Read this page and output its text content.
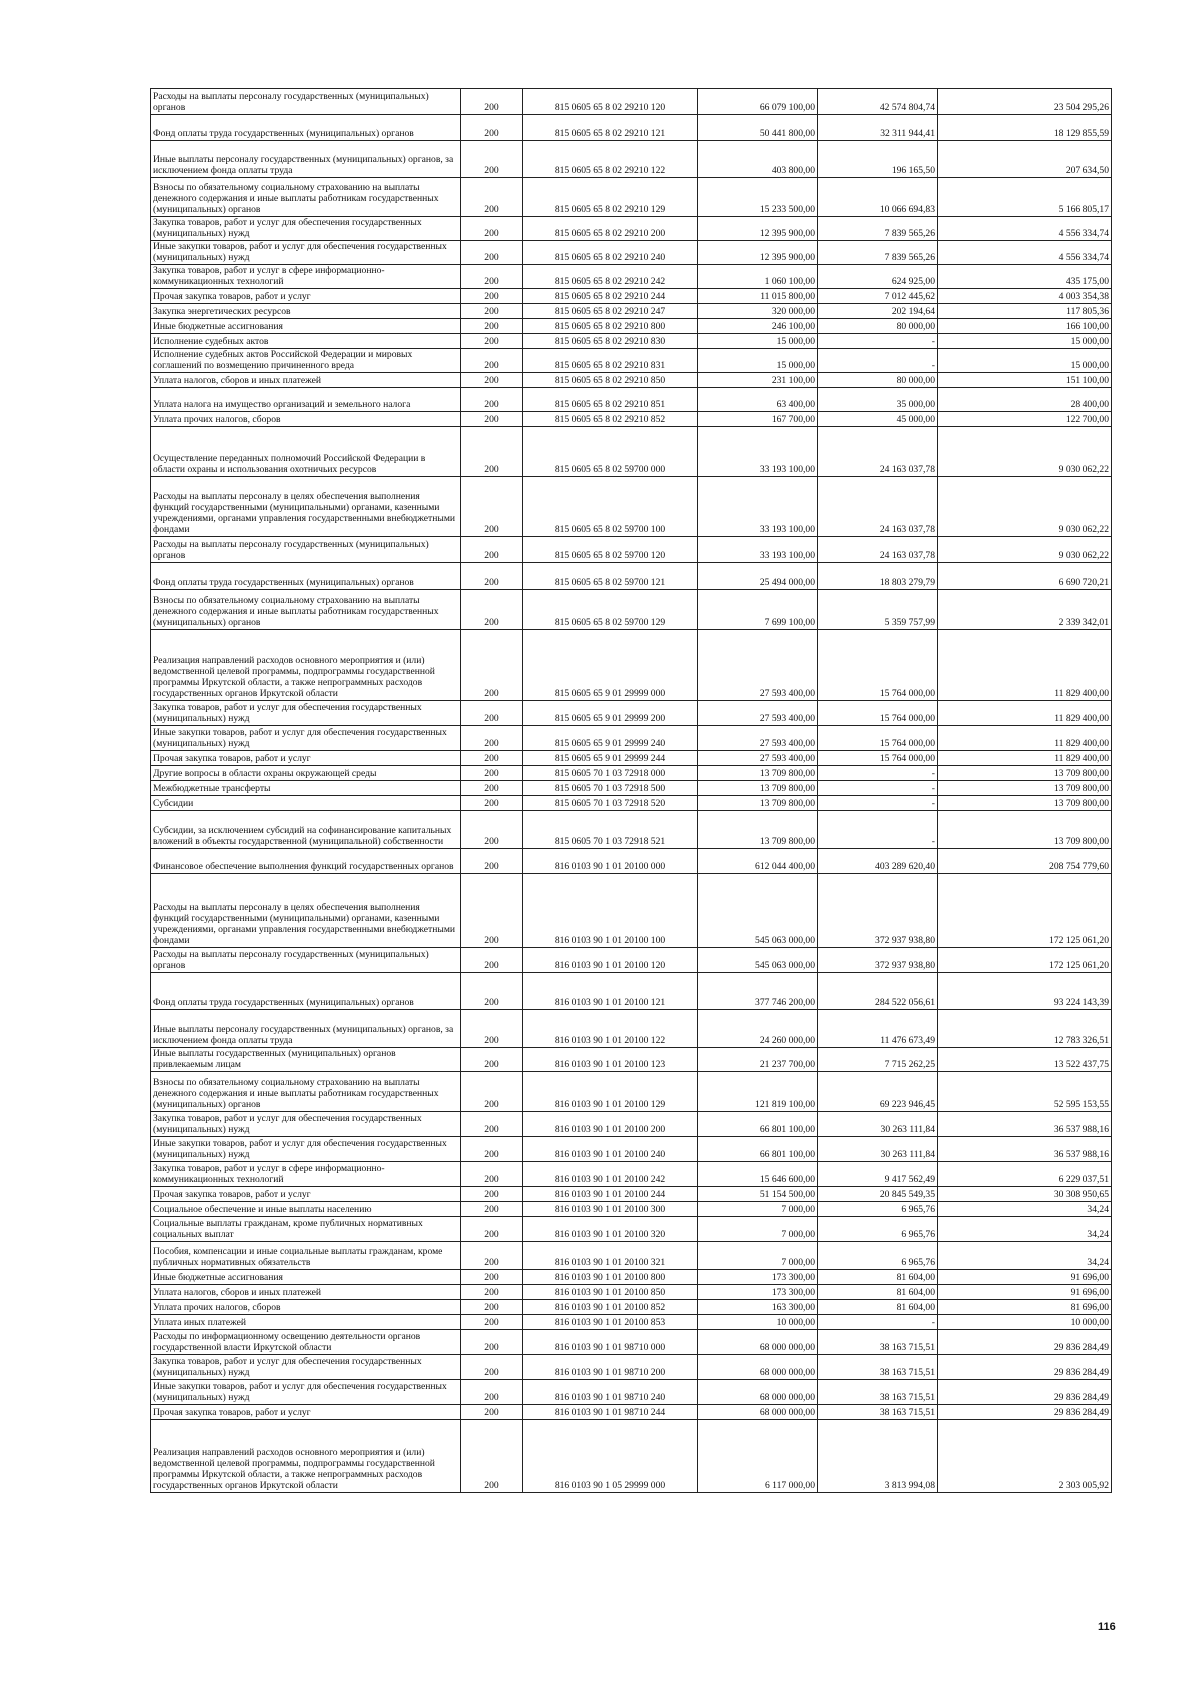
Расходы на выплаты персоналу государственных (муниципальных) органов	200	815 0605 65 8 02 29210 120	66 079 100,00	42 574 804,74	23 504 295,26

Фонд оплаты труда государственных (муниципальных) органов	200	815 0605 65 8 02 29210 121	50 441 800,00	32 311 944,41	18 129 855,59

Иные выплаты персоналу государственных (муниципальных) органов, за исключением фонда оплаты труда	200	815 0605 65 8 02 29210 122	403 800,00	196 165,50	207 634,50

Взносы по обязательному социальному страхованию на выплаты денежного содержания и иные выплаты работникам государственных (муниципальных) органов	200	815 0605 65 8 02 29210 129	15 233 500,00	10 066 694,83	5 166 805,17

Закупка товаров, работ и услуг для обеспечения государственных (муниципальных) нужд	200	815 0605 65 8 02 29210 200	12 395 900,00	7 839 565,26	4 556 334,74

Иные закупки товаров, работ и услуг для обеспечения государственных (муниципальных) нужд	200	815 0605 65 8 02 29210 240	12 395 900,00	7 839 565,26	4 556 334,74

Закупка товаров, работ и услуг в сфере информационно-коммуникационных технологий	200	815 0605 65 8 02 29210 242	1 060 100,00	624 925,00	435 175,00

Прочая закупка товаров, работ и услуг	200	815 0605 65 8 02 29210 244	11 015 800,00	7 012 445,62	4 003 354,38

Закупка энергетических ресурсов	200	815 0605 65 8 02 29210 247	320 000,00	202 194,64	117 805,36

Иные бюджетные ассигнования	200	815 0605 65 8 02 29210 800	246 100,00	80 000,00	166 100,00

Исполнение судебных актов	200	815 0605 65 8 02 29210 830	15 000,00	-	15 000,00

Исполнение судебных актов Российской Федерации и мировых соглашений по возмещению причиненного вреда	200	815 0605 65 8 02 29210 831	15 000,00	-	15 000,00

Уплата налогов, сборов и иных платежей	200	815 0605 65 8 02 29210 850	231 100,00	80 000,00	151 100,00

Уплата налога на имущество организаций и земельного налога	200	815 0605 65 8 02 29210 851	63 400,00	35 000,00	28 400,00

Уплата прочих налогов, сборов	200	815 0605 65 8 02 29210 852	167 700,00	45 000,00	122 700,00

Осуществление переданных полномочий Российской Федерации в области охраны и использования охотничьих ресурсов	200	815 0605 65 8 02 59700 000	33 193 100,00	24 163 037,78	9 030 062,22

Расходы на выплаты персоналу в целях обеспечения выполнения функций государственными (муниципальными) органами, казенными учреждениями, органами управления государственными внебюджетными фондами	200	815 0605 65 8 02 59700 100	33 193 100,00	24 163 037,78	9 030 062,22

Расходы на выплаты персоналу государственных (муниципальных) органов	200	815 0605 65 8 02 59700 120	33 193 100,00	24 163 037,78	9 030 062,22

Фонд оплаты труда государственных (муниципальных) органов	200	815 0605 65 8 02 59700 121	25 494 000,00	18 803 279,79	6 690 720,21

Взносы по обязательному социальному страхованию на выплаты денежного содержания и иные выплаты работникам государственных (муниципальных) органов	200	815 0605 65 8 02 59700 129	7 699 100,00	5 359 757,99	2 339 342,01

Реализация направлений расходов основного мероприятия и (или) ведомственной целевой программы, подпрограммы государственной программы Иркутской области, а также непрограммных расходов государственных органов Иркутской области	200	815 0605 65 9 01 29999 000	27 593 400,00	15 764 000,00	11 829 400,00

Закупка товаров, работ и услуг для обеспечения государственных (муниципальных) нужд	200	815 0605 65 9 01 29999 200	27 593 400,00	15 764 000,00	11 829 400,00

Иные закупки товаров, работ и услуг для обеспечения государственных (муниципальных) нужд	200	815 0605 65 9 01 29999 240	27 593 400,00	15 764 000,00	11 829 400,00

Прочая закупка товаров, работ и услуг	200	815 0605 65 9 01 29999 244	27 593 400,00	15 764 000,00	11 829 400,00

Другие вопросы в области охраны окружающей среды	200	815 0605 70 1 03 72918 000	13 709 800,00	-	13 709 800,00

Межбюджетные трансферты	200	815 0605 70 1 03 72918 500	13 709 800,00	-	13 709 800,00

Субсидии	200	815 0605 70 1 03 72918 520	13 709 800,00	-	13 709 800,00

Субсидии, за исключением субсидий на софинансирование капитальных вложений в объекты государственной (муниципальной) собственности	200	815 0605 70 1 03 72918 521	13 709 800,00	-	13 709 800,00

Финансовое обеспечение выполнения функций государственных органов	200	816 0103 90 1 01 20100 000	612 044 400,00	403 289 620,40	208 754 779,60

Расходы на выплаты персоналу в целях обеспечения выполнения функций государственными (муниципальными) органами, казенными учреждениями, органами управления государственными внебюджетными фондами	200	816 0103 90 1 01 20100 100	545 063 000,00	372 937 938,80	172 125 061,20

Расходы на выплаты персоналу государственных (муниципальных) органов	200	816 0103 90 1 01 20100 120	545 063 000,00	372 937 938,80	172 125 061,20

Фонд оплаты труда государственных (муниципальных) органов	200	816 0103 90 1 01 20100 121	377 746 200,00	284 522 056,61	93 224 143,39

Иные выплаты персоналу государственных (муниципальных) органов, за исключением фонда оплаты труда	200	816 0103 90 1 01 20100 122	24 260 000,00	11 476 673,49	12 783 326,51

Иные выплаты государственных (муниципальных) органов привлекаемым лицам	200	816 0103 90 1 01 20100 123	21 237 700,00	7 715 262,25	13 522 437,75

Взносы по обязательному социальному страхованию на выплаты денежного содержания и иные выплаты работникам государственных (муниципальных) органов	200	816 0103 90 1 01 20100 129	121 819 100,00	69 223 946,45	52 595 153,55

Закупка товаров, работ и услуг для обеспечения государственных (муниципальных) нужд	200	816 0103 90 1 01 20100 200	66 801 100,00	30 263 111,84	36 537 988,16

Иные закупки товаров, работ и услуг для обеспечения государственных (муниципальных) нужд	200	816 0103 90 1 01 20100 240	66 801 100,00	30 263 111,84	36 537 988,16

Закупка товаров, работ и услуг в сфере информационно-коммуникационных технологий	200	816 0103 90 1 01 20100 242	15 646 600,00	9 417 562,49	6 229 037,51

Прочая закупка товаров, работ и услуг	200	816 0103 90 1 01 20100 244	51 154 500,00	20 845 549,35	30 308 950,65

Социальное обеспечение и иные выплаты населению	200	816 0103 90 1 01 20100 300	7 000,00	6 965,76	34,24

Социальные выплаты гражданам, кроме публичных нормативных социальных выплат	200	816 0103 90 1 01 20100 320	7 000,00	6 965,76	34,24

Пособия, компенсации и иные социальные выплаты гражданам, кроме публичных нормативных обязательств	200	816 0103 90 1 01 20100 321	7 000,00	6 965,76	34,24

Иные бюджетные ассигнования	200	816 0103 90 1 01 20100 800	173 300,00	81 604,00	91 696,00

Уплата налогов, сборов и иных платежей	200	816 0103 90 1 01 20100 850	173 300,00	81 604,00	91 696,00

Уплата прочих налогов, сборов	200	816 0103 90 1 01 20100 852	163 300,00	81 604,00	81 696,00

Уплата иных платежей	200	816 0103 90 1 01 20100 853	10 000,00	-	10 000,00

Расходы по информационному освещению деятельности органов государственной власти Иркутской области	200	816 0103 90 1 01 98710 000	68 000 000,00	38 163 715,51	29 836 284,49

Закупка товаров, работ и услуг для обеспечения государственных (муниципальных) нужд	200	816 0103 90 1 01 98710 200	68 000 000,00	38 163 715,51	29 836 284,49

Иные закупки товаров, работ и услуг для обеспечения государственных (муниципальных) нужд	200	816 0103 90 1 01 98710 240	68 000 000,00	38 163 715,51	29 836 284,49

Прочая закупка товаров, работ и услуг	200	816 0103 90 1 01 98710 244	68 000 000,00	38 163 715,51	29 836 284,49

Реализация направлений расходов основного мероприятия и (или) ведомственной целевой программы, подпрограммы государственной программы Иркутской области, а также непрограммных расходов государственных органов Иркутской области	200	816 0103 90 1 05 29999 000	6 117 000,00	3 813 994,08	2 303 005,92
116
